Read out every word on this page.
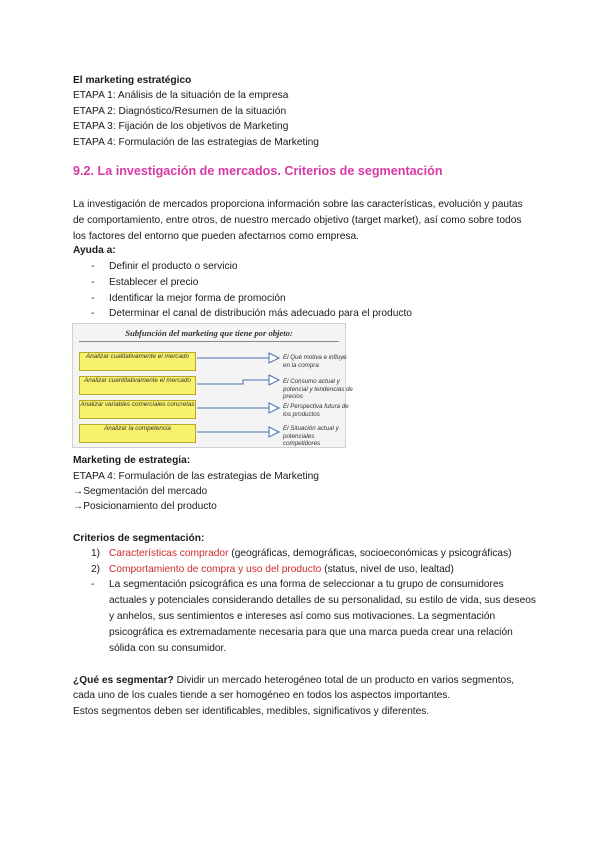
El marketing estratégico
ETAPA 1: Análisis de la situación de la empresa
ETAPA 2: Diagnóstico/Resumen de la situación
ETAPA 3: Fijación de los objetivos de Marketing
ETAPA 4: Formulación de las estrategias de Marketing
9.2. La investigación de mercados. Criterios de segmentación
La investigación de mercados proporciona información sobre las características, evolución y pautas
de comportamiento, entre otros, de nuestro mercado objetivo (target market), así como sobre todos
los factores del entorno que pueden afectarnos como empresa.
Ayuda a:
- Definir el producto o servicio
- Establecer el precio
- Identificar la mejor forma de promoción
- Determinar el canal de distribución más adecuado para el producto
Subfunción del marketing que tiene por objeto:
Analizar cualitativamente el mercado
Analizar cuantitativamente el mercado
Analizar variables comerciales concretas
Analizar la competencia
El Qué motiva e influye en la compra
El Consumo actual y potencial y tendencias de precios
El Perspectiva futura de los productos
El Situación actual y potenciales competidores
Marketing de estrategia:
ETAPA 4: Formulación de las estrategias de Marketing
→Segmentación del mercado
→Posicionamiento del producto
Criterios de segmentación:
1) Características comprador (geográficas, demográficas, socioeconómicas y psicográficas)
2) Comportamiento de compra y uso del producto (status, nivel de uso, lealtad)
- La segmentación psicográfica es una forma de seleccionar a tu grupo de consumidores
actuales y potenciales considerando detalles de su personalidad, su estilo de vida, sus deseos
y anhelos, sus sentimientos e intereses así como sus motivaciones. La segmentación
psicográfica es extremadamente necesaria para que una marca pueda crear una relación
sólida con su consumidor.
¿Qué es segmentar? Dividir un mercado heterogéneo total de un producto en varios segmentos,
cada uno de los cuales tiende a ser homogéneo en todos los aspectos importantes.
Estos segmentos deben ser identificables, medibles, significativos y diferentes.
